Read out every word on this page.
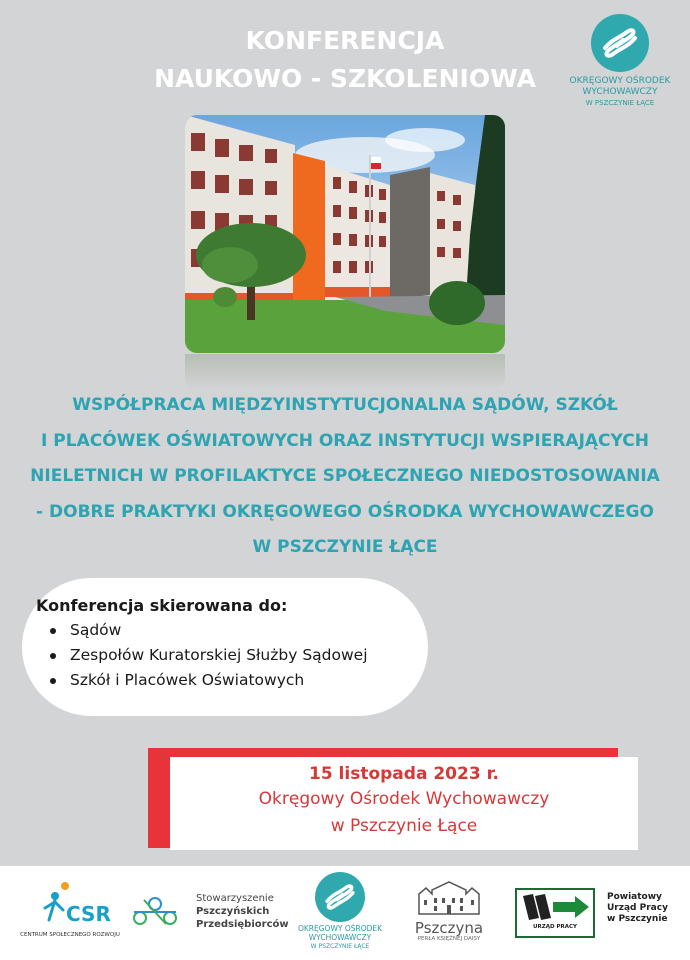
KONFERENCJA
NAUKOWO - SZKOLENIOWA	OKRĘGOWY OŚRODEK
WYCHOWAWCZY
W PSZCZYNIE ŁĄCE
WSPÓŁPRACA MIĘDZYINSTYTUCJONALNA SĄDÓW, SZKÓŁ
I PLACÓWEK OŚWIATOWYCH ORAZ INSTYTUCJI WSPIERAJĄCYCH
NIELETNICH W PROFILAKTYCE SPOŁECZNEGO NIEDOSTOSOWANIA
- DOBRE PRAKTYKI OKRĘGOWEGO OŚRODKA WYCHOWAWCZEGO
W PSZCZYNIE ŁĄCE
Konferencja skierowana do:
Sądów
Zespołów Kuratorskiej Służby Sądowej
Szkół i Placówek Oświatowych
15 listopada 2023 r.
Okręgowy Ośrodek Wychowawczy
w Pszczynie Łące
CSR
CENTRUM SPOŁECZNEGO ROZWOJU
Stowarzyszenie
Pszczyńskich
Przedsiębiorców	OKRĘGOWY OŚRODEK
WYCHOWAWCZY
W PSZCZYNIE ŁĄCE
Pszczyna
PERŁA KSIĘŻNEJ DAISY
URZĄD PRACY
Powiatowy
Urząd Pracy
w Pszczynie
